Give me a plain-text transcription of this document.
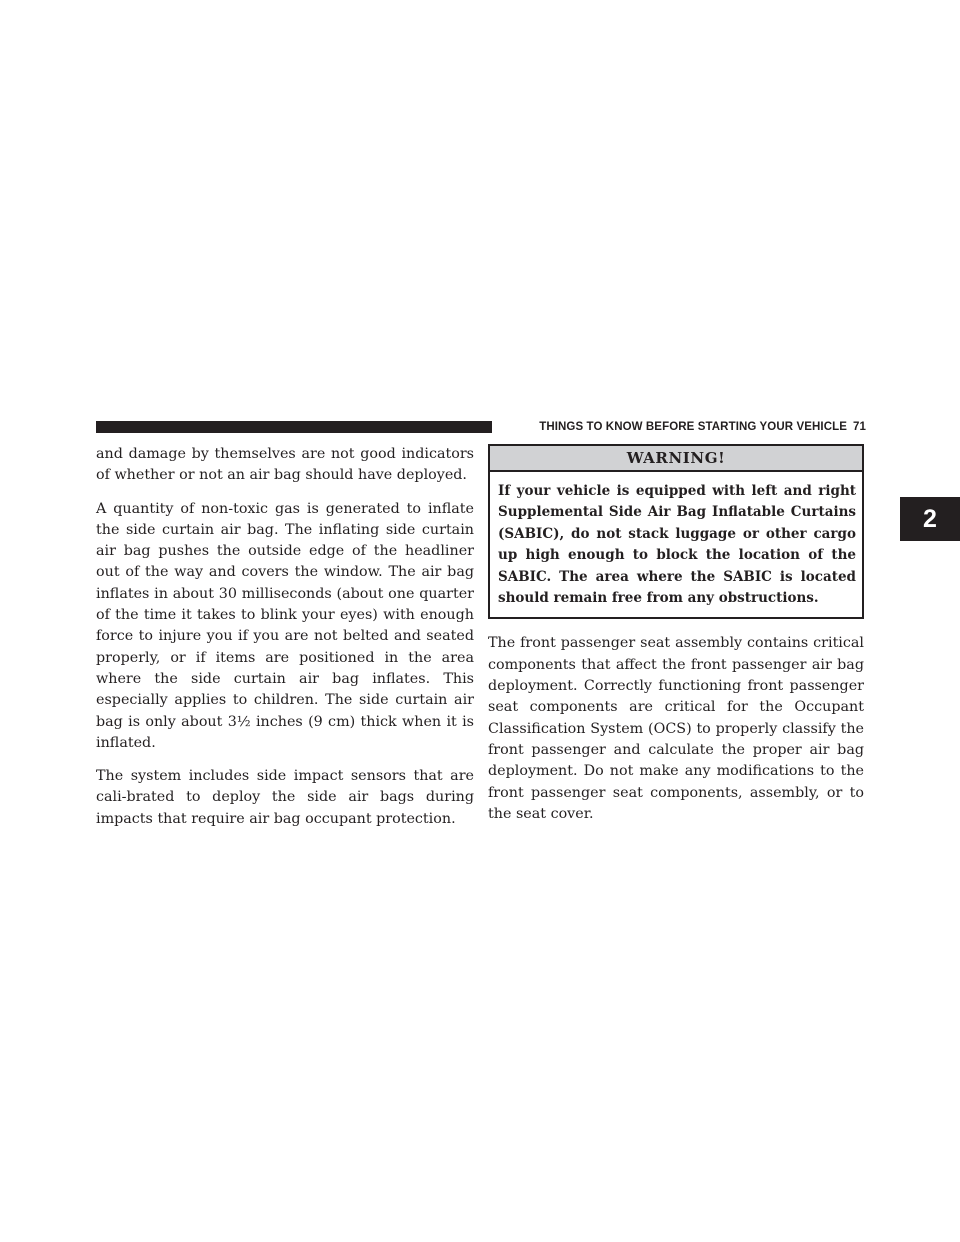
THINGS TO KNOW BEFORE STARTING YOUR VEHICLE 71
2

and damage by themselves are not good indicators of whether or not an air bag should have deployed.

A quantity of non-toxic gas is generated to inflate the side curtain air bag. The inflating side curtain air bag pushes the outside edge of the headliner out of the way and covers the window. The air bag inflates in about 30 milliseconds (about one quarter of the time it takes to blink your eyes) with enough force to injure you if you are not belted and seated properly, or if items are positioned in the area where the side curtain air bag inflates. This especially applies to children. The side curtain air bag is only about 3½ inches (9 cm) thick when it is inflated.

The system includes side impact sensors that are cali-brated to deploy the side air bags during impacts that require air bag occupant protection.

WARNING!
If your vehicle is equipped with left and right Supplemental Side Air Bag Inflatable Curtains (SABIC), do not stack luggage or other cargo up high enough to block the location of the SABIC. The area where the SABIC is located should remain free from any obstructions.

The front passenger seat assembly contains critical components that affect the front passenger air bag deployment. Correctly functioning front passenger seat components are critical for the Occupant Classification System (OCS) to properly classify the front passenger and calculate the proper air bag deployment. Do not make any modifications to the front passenger seat components, assembly, or to the seat cover.
